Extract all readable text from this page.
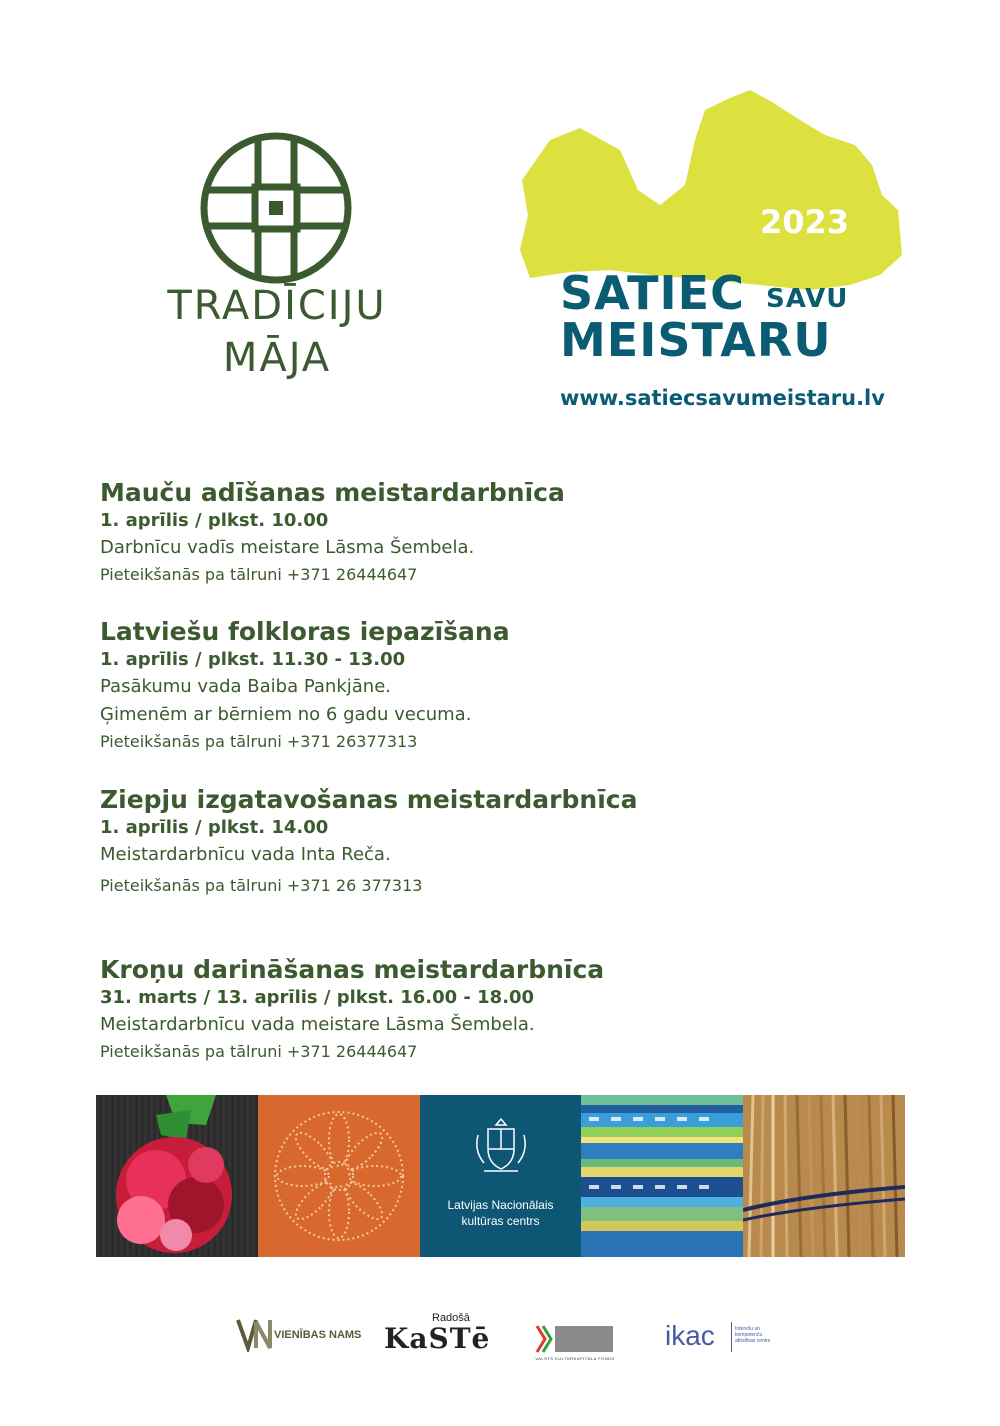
TRADĪCIJU
MĀJA
2023
SATIEC SAVU
MEISTARU
www.satiecsavumeistaru.lv
Mauču adīšanas meistardarbnīca
1. aprīlis / plkst. 10.00
Darbnīcu vadīs meistare Lāsma Šembela.
Pieteikšanās pa tālruni +371 26444647
Latviešu folkloras iepazīšana
1. aprīlis / plkst. 11.30 - 13.00
Pasākumu vada Baiba Pankjāne.
Ģimenēm ar bērniem no 6 gadu vecuma.
Pieteikšanās pa tālruni +371 26377313
Ziepju izgatavošanas meistardarbnīca
1. aprīlis / plkst. 14.00
Meistardarbnīcu vada Inta Reča.
Pieteikšanās pa tālruni +371 26 377313
Kroņu darināšanas meistardarbnīca
31. marts / 13. aprīlis / plkst. 16.00 - 18.00
Meistardarbnīcu vada meistare Lāsma Šembela.
Pieteikšanās pa tālruni +371 26444647
Latvijas Nacionālais
kultūras centrs
VIENĪBAS NAMS
Radošā
KaSTē
VALSTS KULTŪRKAPITĀLA FONDS
ikac	Interešu un kompetenču attīstības centrs
